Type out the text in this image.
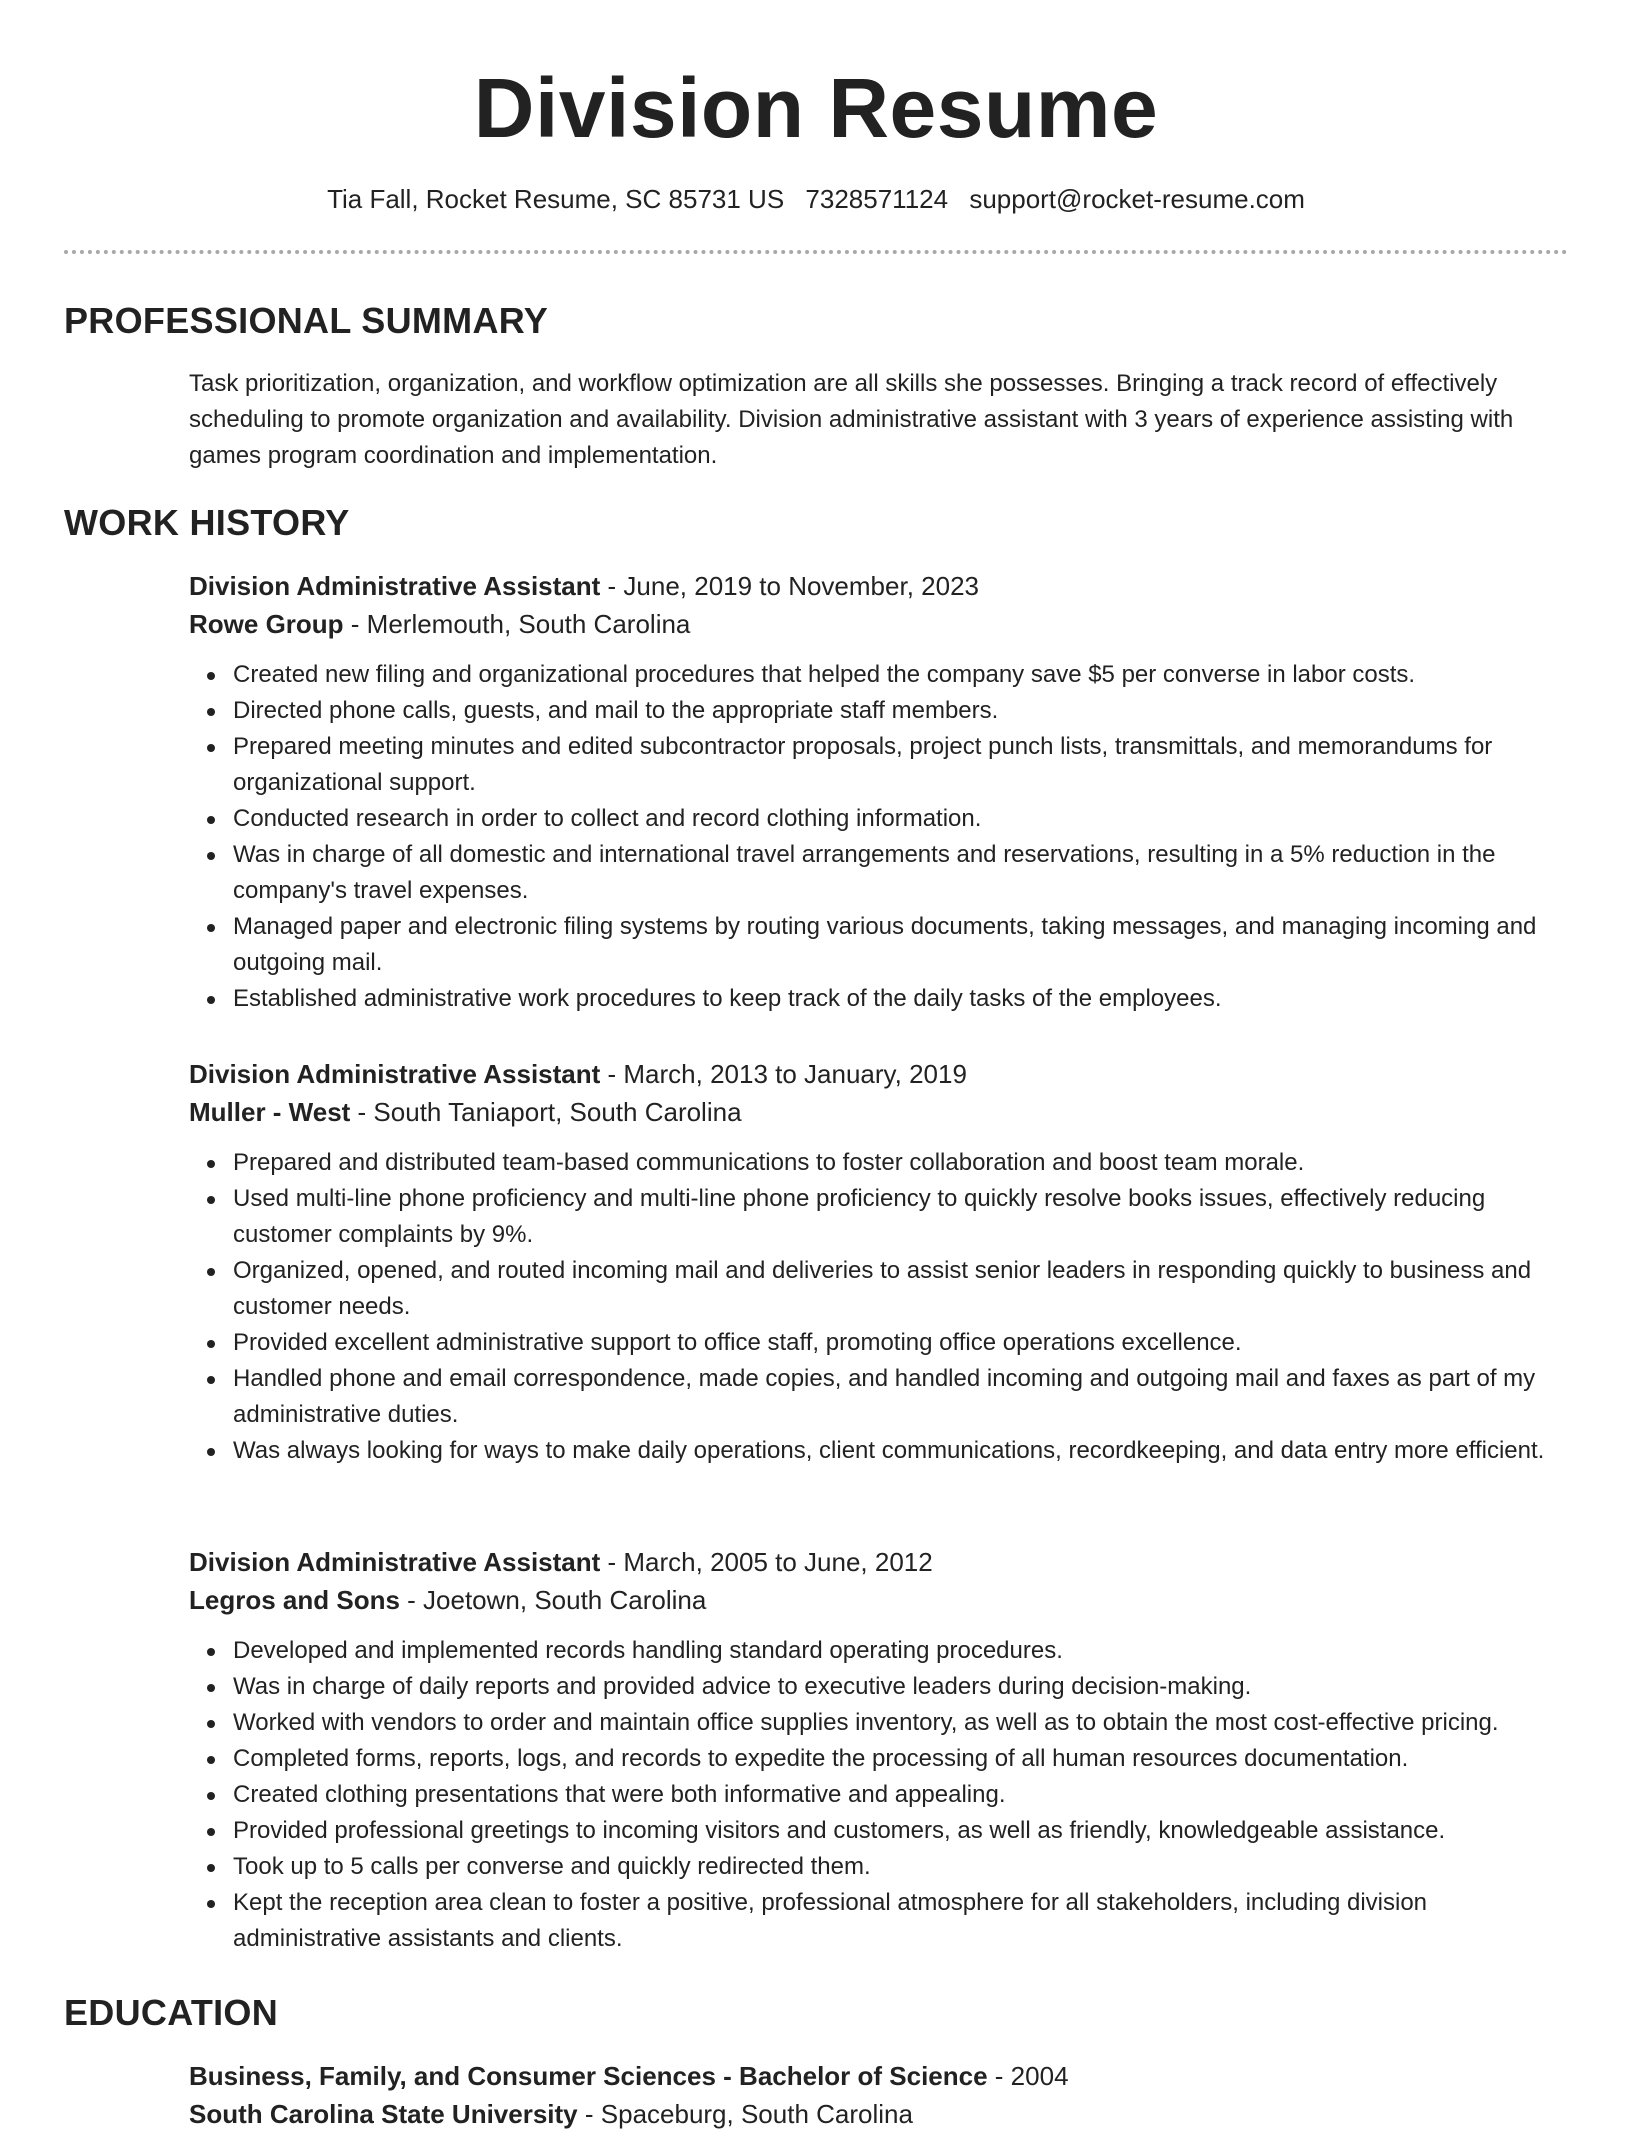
Division Resume
Tia Fall, Rocket Resume, SC 85731 US 7328571124 support@rocket-resume.com
PROFESSIONAL SUMMARY
Task prioritization, organization, and workflow optimization are all skills she possesses. Bringing a track record of effectively scheduling to promote organization and availability. Division administrative assistant with 3 years of experience assisting with games program coordination and implementation.
WORK HISTORY
Division Administrative Assistant - June, 2019 to November, 2023
Rowe Group - Merlemouth, South Carolina
Created new filing and organizational procedures that helped the company save $5 per converse in labor costs.
Directed phone calls, guests, and mail to the appropriate staff members.
Prepared meeting minutes and edited subcontractor proposals, project punch lists, transmittals, and memorandums for organizational support.
Conducted research in order to collect and record clothing information.
Was in charge of all domestic and international travel arrangements and reservations, resulting in a 5% reduction in the company's travel expenses.
Managed paper and electronic filing systems by routing various documents, taking messages, and managing incoming and outgoing mail.
Established administrative work procedures to keep track of the daily tasks of the employees.
Division Administrative Assistant - March, 2013 to January, 2019
Muller - West - South Taniaport, South Carolina
Prepared and distributed team-based communications to foster collaboration and boost team morale.
Used multi-line phone proficiency and multi-line phone proficiency to quickly resolve books issues, effectively reducing customer complaints by 9%.
Organized, opened, and routed incoming mail and deliveries to assist senior leaders in responding quickly to business and customer needs.
Provided excellent administrative support to office staff, promoting office operations excellence.
Handled phone and email correspondence, made copies, and handled incoming and outgoing mail and faxes as part of my administrative duties.
Was always looking for ways to make daily operations, client communications, recordkeeping, and data entry more efficient.
Division Administrative Assistant - March, 2005 to June, 2012
Legros and Sons - Joetown, South Carolina
Developed and implemented records handling standard operating procedures.
Was in charge of daily reports and provided advice to executive leaders during decision-making.
Worked with vendors to order and maintain office supplies inventory, as well as to obtain the most cost-effective pricing.
Completed forms, reports, logs, and records to expedite the processing of all human resources documentation.
Created clothing presentations that were both informative and appealing.
Provided professional greetings to incoming visitors and customers, as well as friendly, knowledgeable assistance.
Took up to 5 calls per converse and quickly redirected them.
Kept the reception area clean to foster a positive, professional atmosphere for all stakeholders, including division administrative assistants and clients.
EDUCATION
Business, Family, and Consumer Sciences - Bachelor of Science - 2004
South Carolina State University - Spaceburg, South Carolina
